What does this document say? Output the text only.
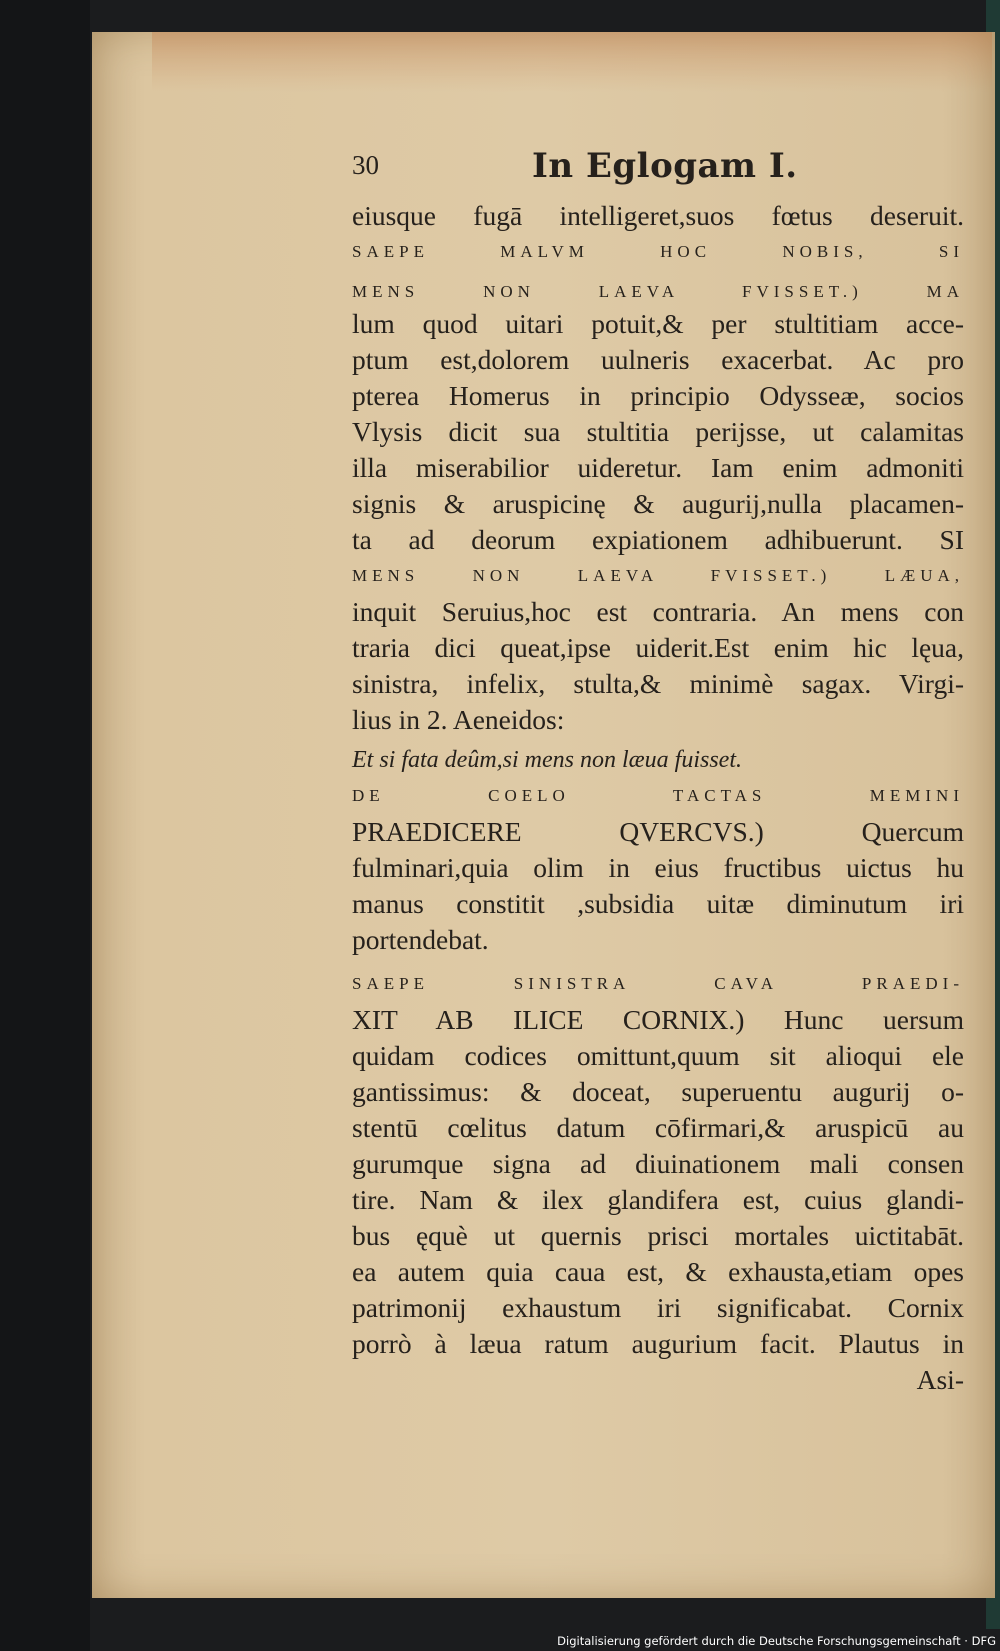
30	In Eglogam I.
eiusque fugā intelligeret,suos fœtus deseruit.
SAEPE MALVM HOC NOBIS, SI
MENS NON LAEVA FVISSET.) MA
lum quod uitari potuit,& per stultitiam acce-
ptum est,dolorem uulneris exacerbat. Ac pro
pterea Homerus in principio Odysseæ, socios
Vlysis dicit sua stultitia perijsse, ut calamitas
illa miserabilior uideretur. Iam enim admoniti
signis & aruspicinę & augurij,nulla placamen-
ta ad deorum expiationem adhibuerunt. SI
MENS NON LAEVA FVISSET.) LÆUA,
inquit Seruius,hoc est contraria. An mens con
traria dici queat,ipse uiderit.Est enim hic lęua,
sinistra, infelix, stulta,& minimè sagax. Virgi-
lius in 2. Aeneidos:
Et si fata deûm,si mens non læua fuisset.
DE COELO TACTAS MEMINI
PRAEDICERE QVERCVS.) Quercum
fulminari,quia olim in eius fructibus uictus hu
manus constitit ,subsidia uitæ diminutum iri
portendebat.
SAEPE SINISTRA CAVA PRAEDI-
XIT AB ILICE CORNIX.) Hunc uersum
quidam codices omittunt,quum sit alioqui ele
gantissimus: & doceat, superuentu augurij o-
stentū cœlitus datum cōfirmari,& aruspicū au
gurumque signa ad diuinationem mali consen
tire. Nam & ilex glandifera est, cuius glandi-
bus ęquè ut quernis prisci mortales uictitabāt.
ea autem quia caua est, & exhausta,etiam opes
patrimonij exhaustum iri significabat. Cornix
porrò à læua ratum augurium facit. Plautus in
Asi-
Digitalisierung gefördert durch die Deutsche Forschungsgemeinschaft · DFG
